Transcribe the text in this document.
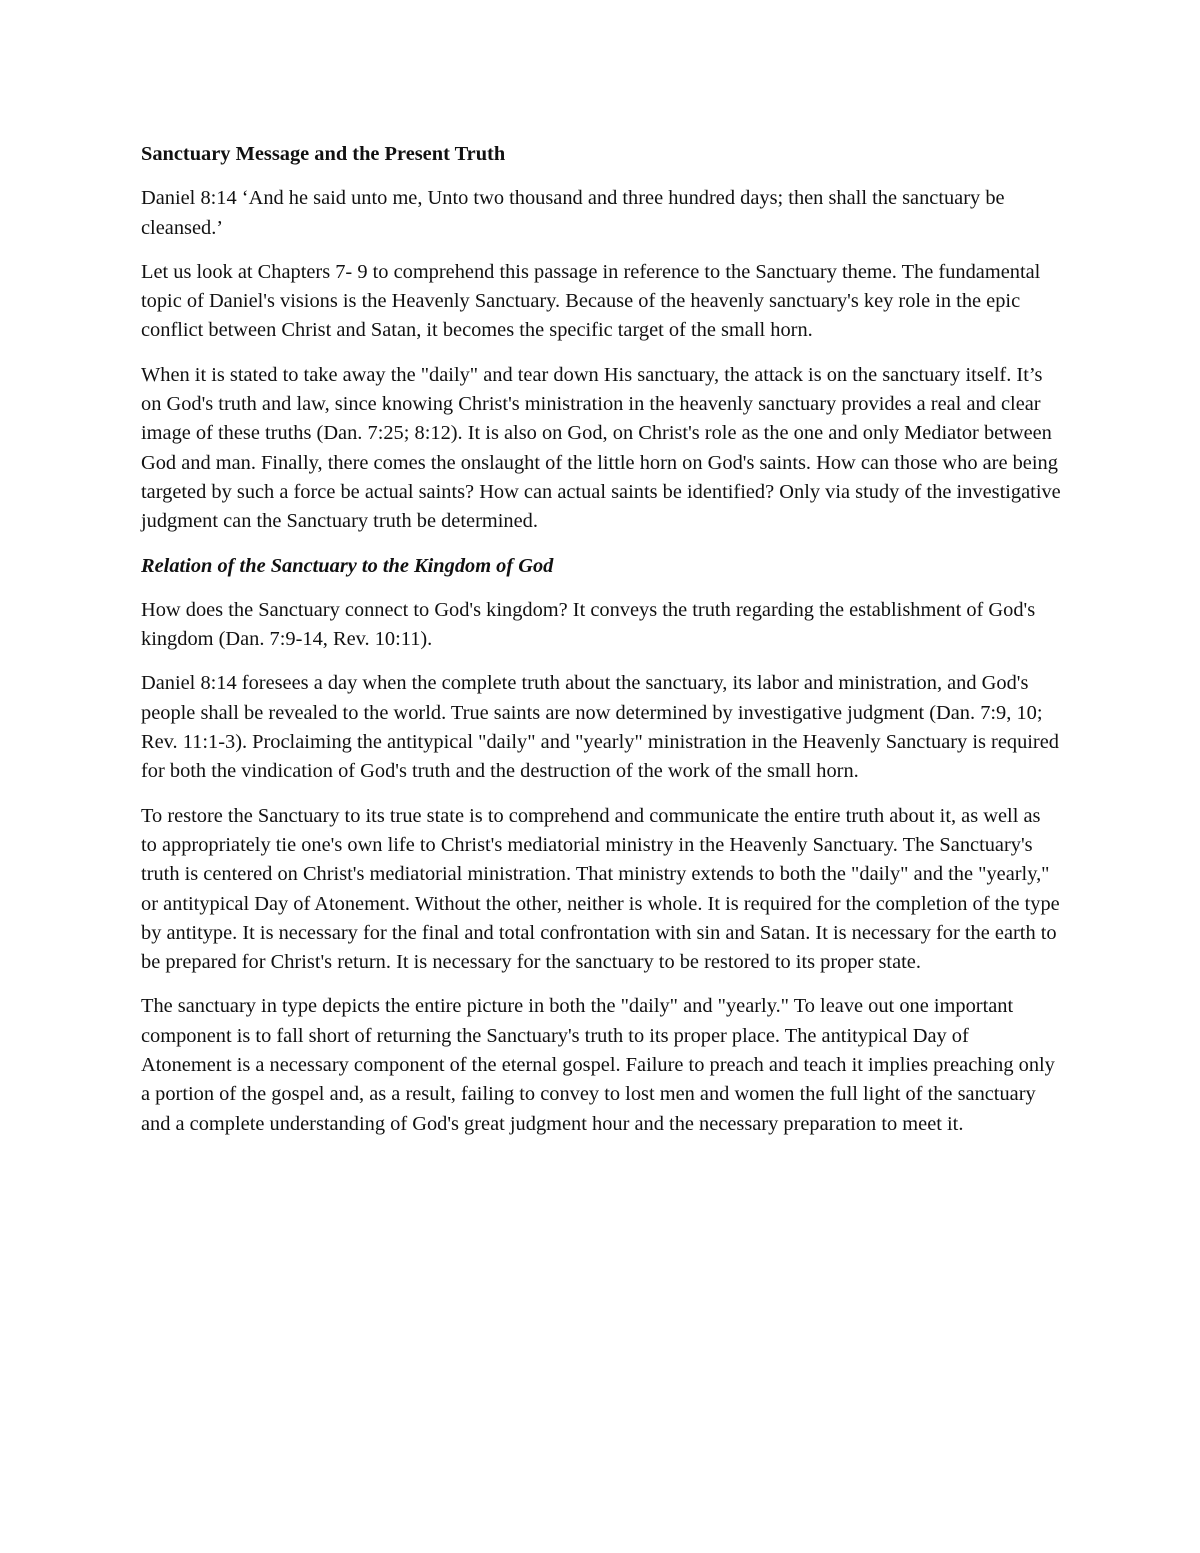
Sanctuary Message and the Present Truth

Daniel 8:14 ‘And he said unto me, Unto two thousand and three hundred days; then shall the sanctuary be cleansed.’

Let us look at Chapters 7- 9 to comprehend this passage in reference to the Sanctuary theme. The fundamental topic of Daniel's visions is the Heavenly Sanctuary. Because of the heavenly sanctuary's key role in the epic conflict between Christ and Satan, it becomes the specific target of the small horn.

When it is stated to take away the "daily" and tear down His sanctuary, the attack is on the sanctuary itself. It’s on God's truth and law, since knowing Christ's ministration in the heavenly sanctuary provides a real and clear image of these truths (Dan. 7:25; 8:12). It is also on God, on Christ's role as the one and only Mediator between God and man. Finally, there comes the onslaught of the little horn on God's saints. How can those who are being targeted by such a force be actual saints? How can actual saints be identified? Only via study of the investigative judgment can the Sanctuary truth be determined.

Relation of the Sanctuary to the Kingdom of God

How does the Sanctuary connect to God's kingdom? It conveys the truth regarding the establishment of God's kingdom (Dan. 7:9-14, Rev. 10:11).

Daniel 8:14 foresees a day when the complete truth about the sanctuary, its labor and ministration, and God's people shall be revealed to the world. True saints are now determined by investigative judgment (Dan. 7:9, 10; Rev. 11:1-3). Proclaiming the antitypical "daily" and "yearly" ministration in the Heavenly Sanctuary is required for both the vindication of God's truth and the destruction of the work of the small horn.

To restore the Sanctuary to its true state is to comprehend and communicate the entire truth about it, as well as to appropriately tie one's own life to Christ's mediatorial ministry in the Heavenly Sanctuary. The Sanctuary's truth is centered on Christ's mediatorial ministration. That ministry extends to both the "daily" and the "yearly," or antitypical Day of Atonement. Without the other, neither is whole. It is required for the completion of the type by antitype. It is necessary for the final and total confrontation with sin and Satan. It is necessary for the earth to be prepared for Christ's return. It is necessary for the sanctuary to be restored to its proper state.

The sanctuary in type depicts the entire picture in both the "daily" and "yearly." To leave out one important component is to fall short of returning the Sanctuary's truth to its proper place. The antitypical Day of Atonement is a necessary component of the eternal gospel. Failure to preach and teach it implies preaching only a portion of the gospel and, as a result, failing to convey to lost men and women the full light of the sanctuary and a complete understanding of God's great judgment hour and the necessary preparation to meet it.
